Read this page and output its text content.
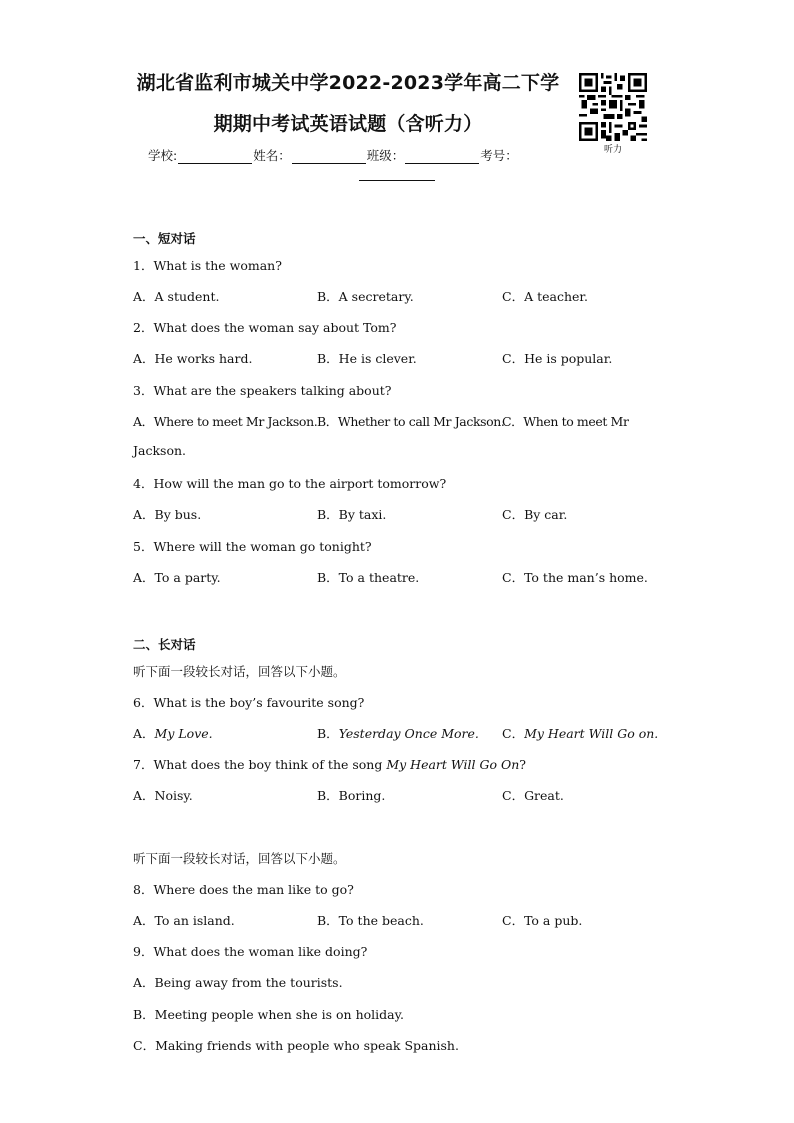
湖北省监利市城关中学2022-2023学年高二下学
期期中考试英语试题（含听力）
听力
学校:	姓名：	班级：	考号：
一、短对话
1．What is the woman?
A．A student.	B．A secretary.	C．A teacher.
2．What does the woman say about Tom?
A．He works hard.	B．He is clever.	C．He is popular.
3．What are the speakers talking about?
A．Where to meet Mr Jackson. B．Whether to call Mr Jackson.
C．When to meet Mr
Jackson.
4．How will the man go to the airport tomorrow?
A．By bus.	B．By taxi.	C．By car.
5．Where will the woman go tonight?
A．To a party.	B．To a theatre.	C．To the man’s home.
二、长对话
听下面一段较长对话，回答以下小题。
6．What is the boy’s favourite song?
A．My Love.	B．Yesterday Once More. C．My Heart Will Go on.
7．What does the boy think of the song My Heart Will Go On?
A．Noisy.	B．Boring.	C．Great.
听下面一段较长对话，回答以下小题。
8．Where does the man like to go?
A．To an island.	B．To the beach.	C．To a pub.
9．What does the woman like doing?
A．Being away from the tourists.
B．Meeting people when she is on holiday.
C．Making friends with people who speak Spanish.
